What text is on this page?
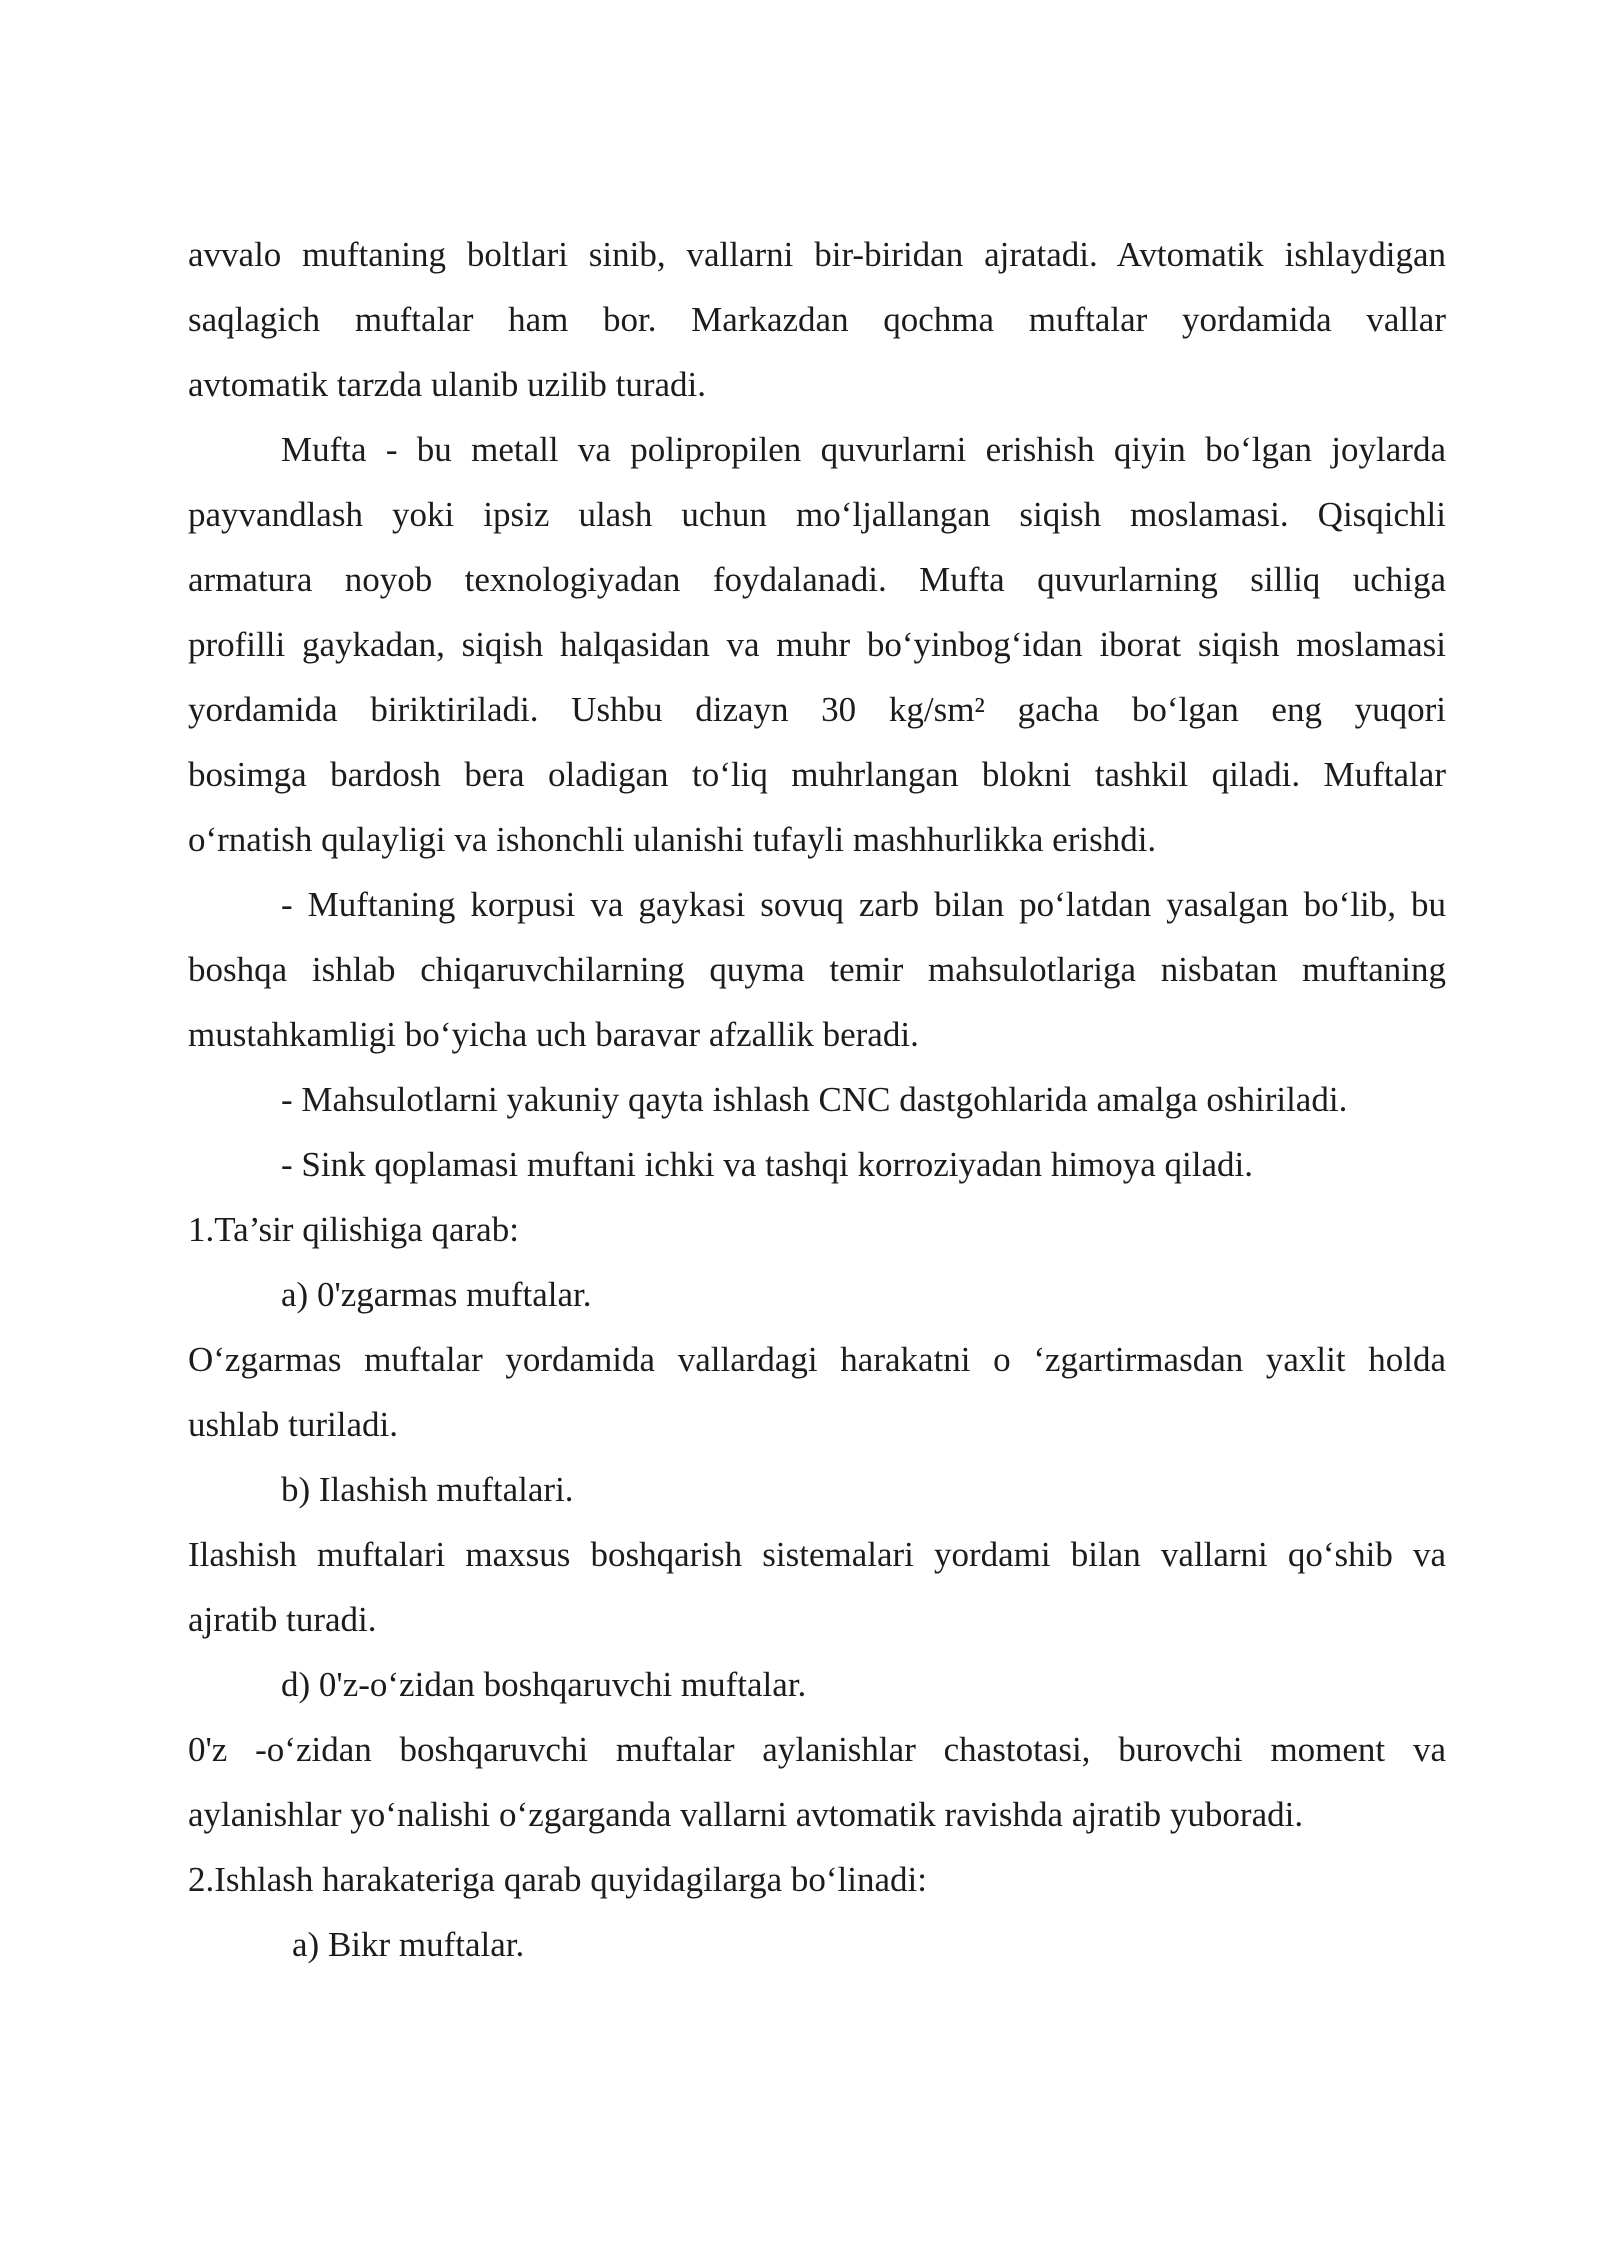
avvalo muftaning boltlari sinib, vallarni bir-biridan ajratadi. Avtomatik ishlaydigan
saqlagich muftalar ham bor. Markazdan qochma muftalar yordamida vallar
avtomatik tarzda ulanib uzilib turadi.
Mufta - bu metall va polipropilen quvurlarni erishish qiyin boʻlgan joylarda
payvandlash yoki ipsiz ulash uchun moʻljallangan siqish moslamasi. Qisqichli
armatura noyob texnologiyadan foydalanadi. Mufta quvurlarning silliq uchiga
profilli gaykadan, siqish halqasidan va muhr boʻyinbogʻidan iborat siqish moslamasi
yordamida biriktiriladi. Ushbu dizayn 30 kg/sm² gacha boʻlgan eng yuqori
bosimga bardosh bera oladigan toʻliq muhrlangan blokni tashkil qiladi. Muftalar
oʻrnatish qulayligi va ishonchli ulanishi tufayli mashhurlikka erishdi.
- Muftaning korpusi va gaykasi sovuq zarb bilan poʻlatdan yasalgan boʻlib, bu
boshqa ishlab chiqaruvchilarning quyma temir mahsulotlariga nisbatan muftaning
mustahkamligi boʻyicha uch baravar afzallik beradi.
- Mahsulotlarni yakuniy qayta ishlash CNC dastgohlarida amalga oshiriladi.
- Sink qoplamasi muftani ichki va tashqi korroziyadan himoya qiladi.
1.Ta’sir qilishiga qarab:
a) 0'zgarmas muftalar.
Oʻzgarmas muftalar yordamida vallardagi harakatni o ʻzgartirmasdan yaxlit holda
ushlab turiladi.
b) Ilashish muftalari.
Ilashish muftalari maxsus boshqarish sistemalari yordami bilan vallarni qoʻshib va
ajratib turadi.
d) 0'z-oʻzidan boshqaruvchi muftalar.
0'z -oʻzidan boshqaruvchi muftalar aylanishlar chastotasi, burovchi moment va
aylanishlar yoʻnalishi oʻzgarganda vallarni avtomatik ravishda ajratib yuboradi.
2.Ishlash harakateriga qarab quyidagilarga boʻlinadi:
a) Bikr muftalar.
